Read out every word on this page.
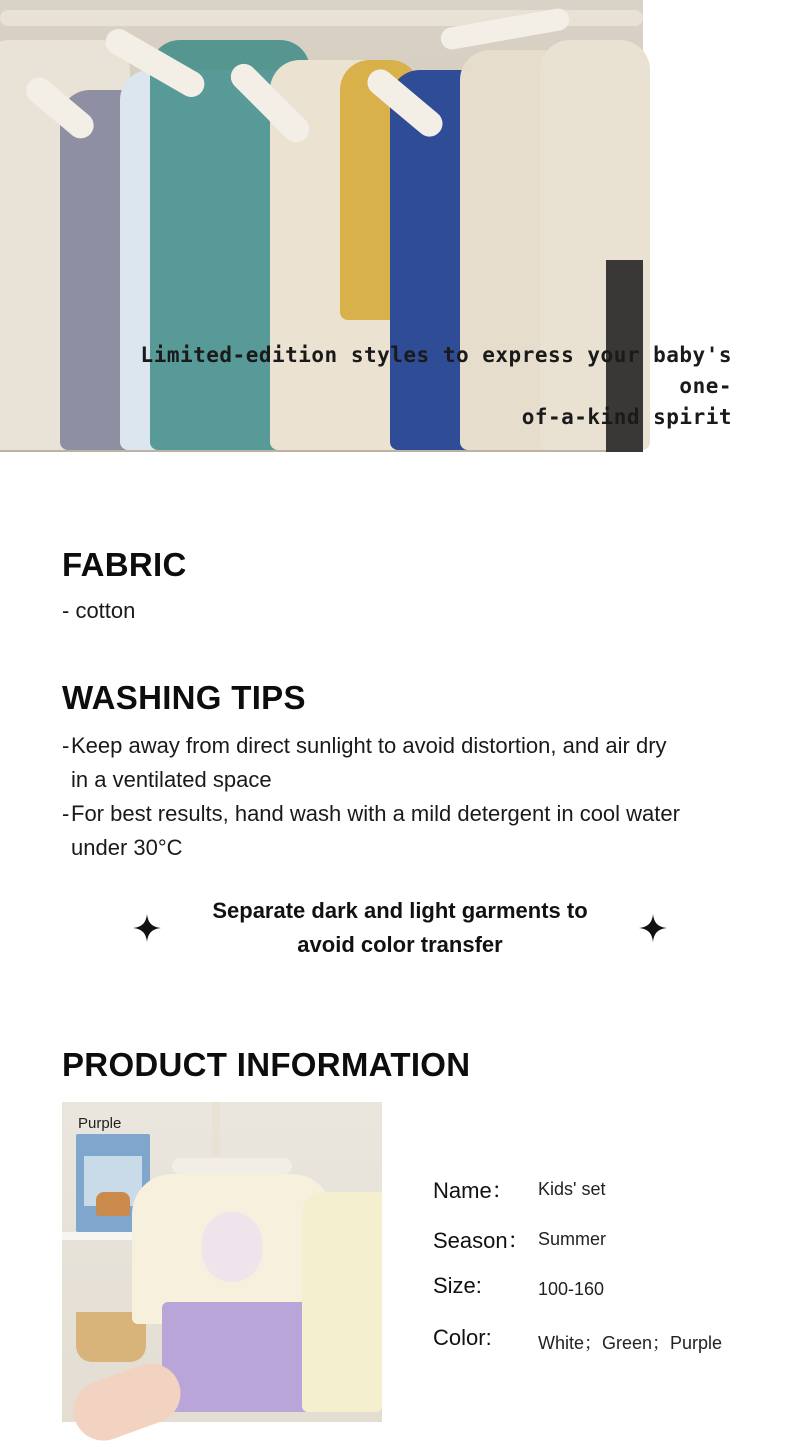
Limited-edition styles to express your baby's one-
of-a-kind spirit
FABRIC
- cotton
WASHING TIPS
- Keep away from direct sunlight to avoid distortion, and air dry
in a ventilated space
- For best results, hand wash with a mild detergent in cool water
under 30°C
Separate dark and light garments to
avoid color transfer
PRODUCT INFORMATION
Purple
Name： Kids' set
Season： Summer
Size:	100-160
Color:	White；Green；Purple
